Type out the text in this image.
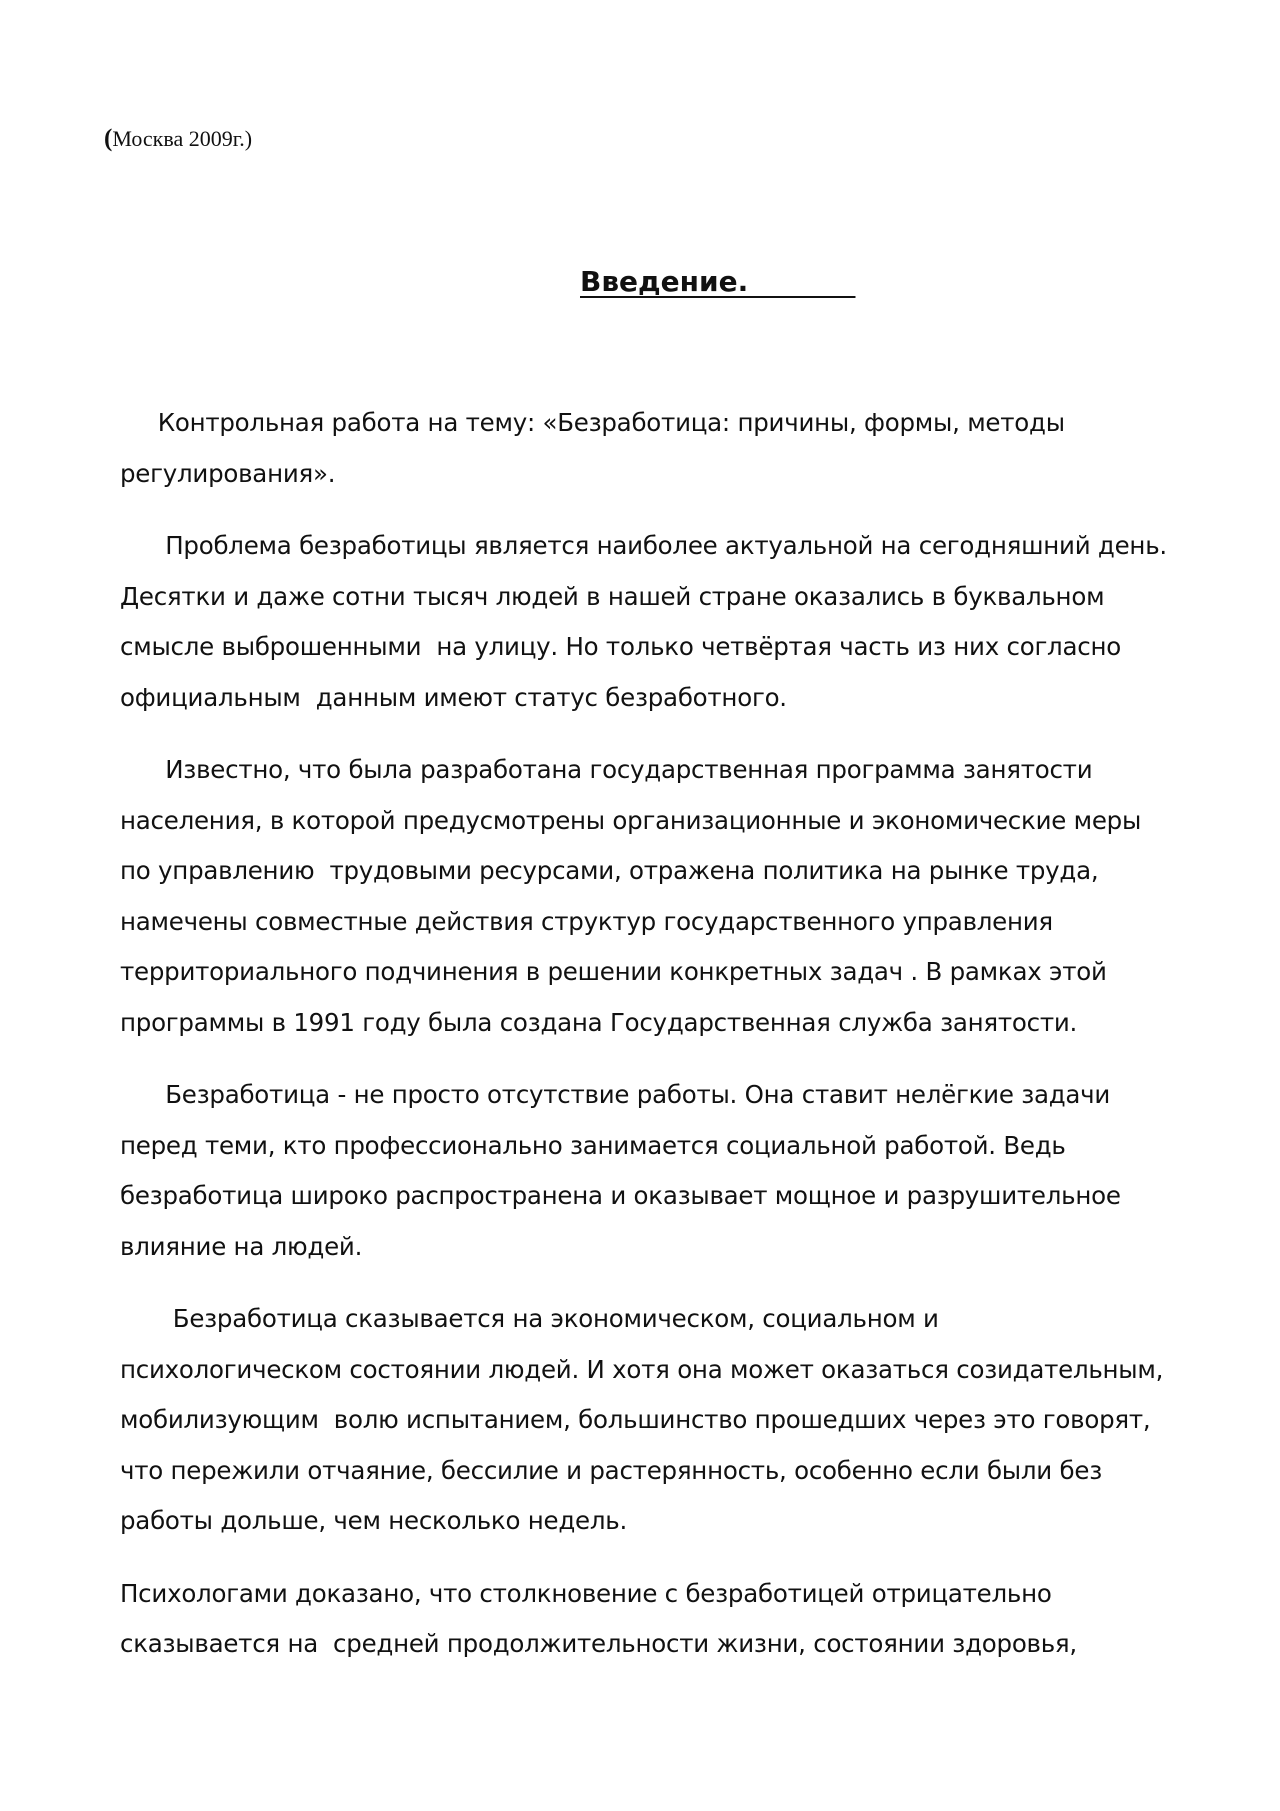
(Москва 2009г.)
Введение.

Контрольная работа на тему: «Безработица: причины, формы, методы
регулирования».

Проблема безработицы является наиболее актуальной на сегодняшний день.
Десятки и даже сотни тысяч людей в нашей стране оказались в буквальном
смысле выброшенными  на улицу. Но только четвёртая часть из них согласно
официальным  данным имеют статус безработного.

Известно, что была разработана государственная программа занятости
населения, в которой предусмотрены организационные и экономические меры
по управлению  трудовыми ресурсами, отражена политика на рынке труда,
намечены совместные действия структур государственного управления
территориального подчинения в решении конкретных задач . В рамках этой
программы в 1991 году была создана Государственная служба занятости.

Безработица - не просто отсутствие работы. Она ставит нелёгкие задачи
перед теми, кто профессионально занимается социальной работой. Ведь
безработица широко распространена и оказывает мощное и разрушительное
влияние на людей.

Безработица сказывается на экономическом, социальном и
психологическом состоянии людей. И хотя она может оказаться созидательным,
мобилизующим  волю испытанием, большинство прошедших через это говорят,
что пережили отчаяние, бессилие и растерянность, особенно если были без
работы дольше, чем несколько недель.

Психологами доказано, что столкновение с безработицей отрицательно
сказывается на  средней продолжительности жизни, состоянии здоровья,
